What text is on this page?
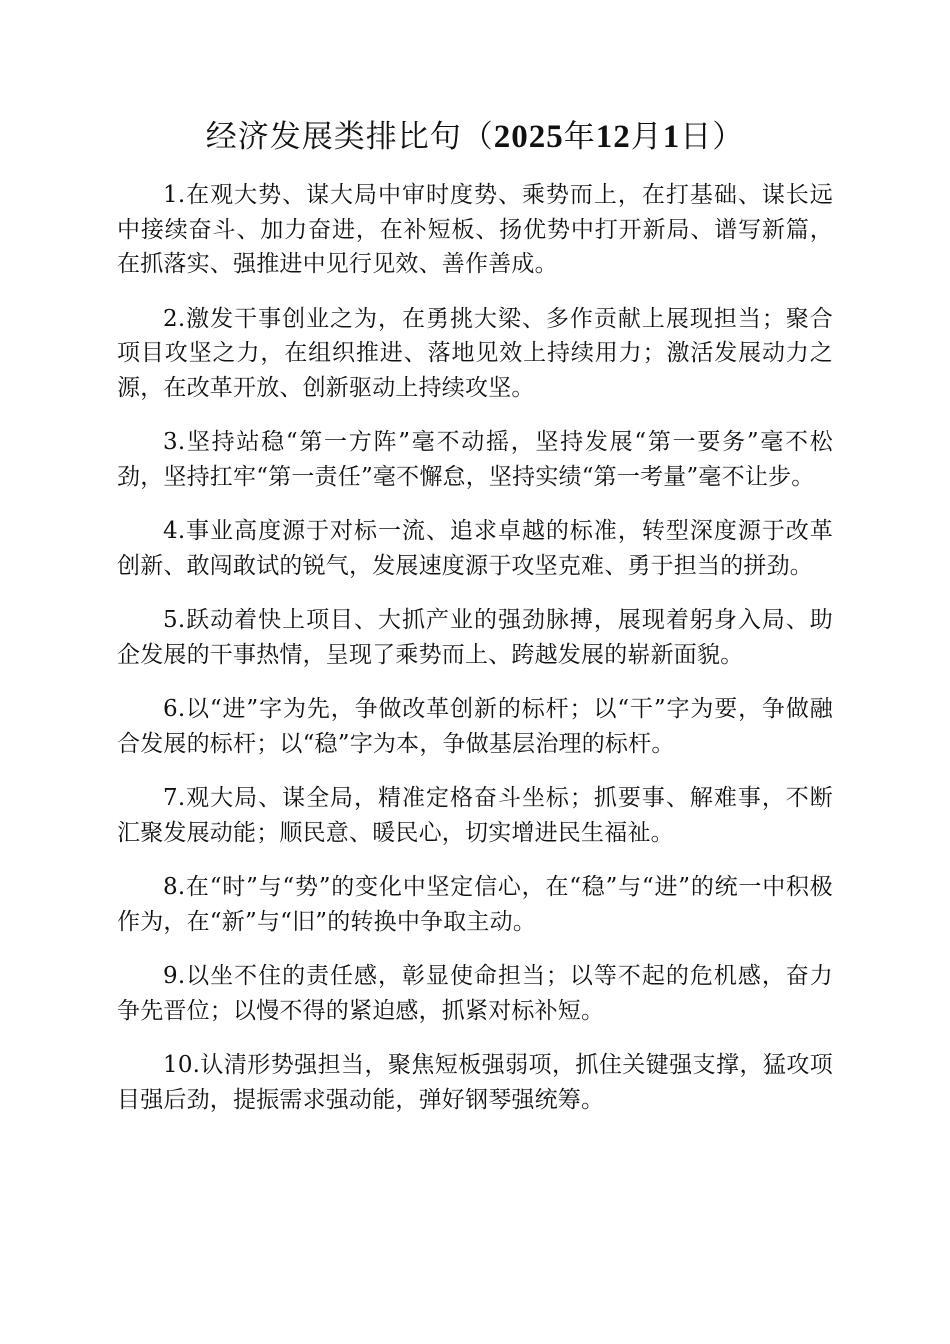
经济发展类排比句（2025年12月1日）

1.在观大势、谋大局中审时度势、乘势而上，在打基础、谋长远中接续奋斗、加力奋进，在补短板、扬优势中打开新局、谱写新篇，在抓落实、强推进中见行见效、善作善成。

2.激发干事创业之为，在勇挑大梁、多作贡献上展现担当；聚合项目攻坚之力，在组织推进、落地见效上持续用力；激活发展动力之源，在改革开放、创新驱动上持续攻坚。

3.坚持站稳“第一方阵”毫不动摇，坚持发展“第一要务”毫不松劲，坚持扛牢“第一责任”毫不懈怠，坚持实绩“第一考量”毫不让步。

4.事业高度源于对标一流、追求卓越的标准，转型深度源于改革创新、敢闯敢试的锐气，发展速度源于攻坚克难、勇于担当的拼劲。

5.跃动着快上项目、大抓产业的强劲脉搏，展现着躬身入局、助企发展的干事热情，呈现了乘势而上、跨越发展的崭新面貌。

6.以“进”字为先，争做改革创新的标杆；以“干”字为要，争做融合发展的标杆；以“稳”字为本，争做基层治理的标杆。

7.观大局、谋全局，精准定格奋斗坐标；抓要事、解难事，不断汇聚发展动能；顺民意、暖民心，切实增进民生福祉。

8.在“时”与“势”的变化中坚定信心，在“稳”与“进”的统一中积极作为，在“新”与“旧”的转换中争取主动。

9.以坐不住的责任感，彰显使命担当；以等不起的危机感，奋力争先晋位；以慢不得的紧迫感，抓紧对标补短。

10.认清形势强担当，聚焦短板强弱项，抓住关键强支撑，猛攻项目强后劲，提振需求强动能，弹好钢琴强统筹。
